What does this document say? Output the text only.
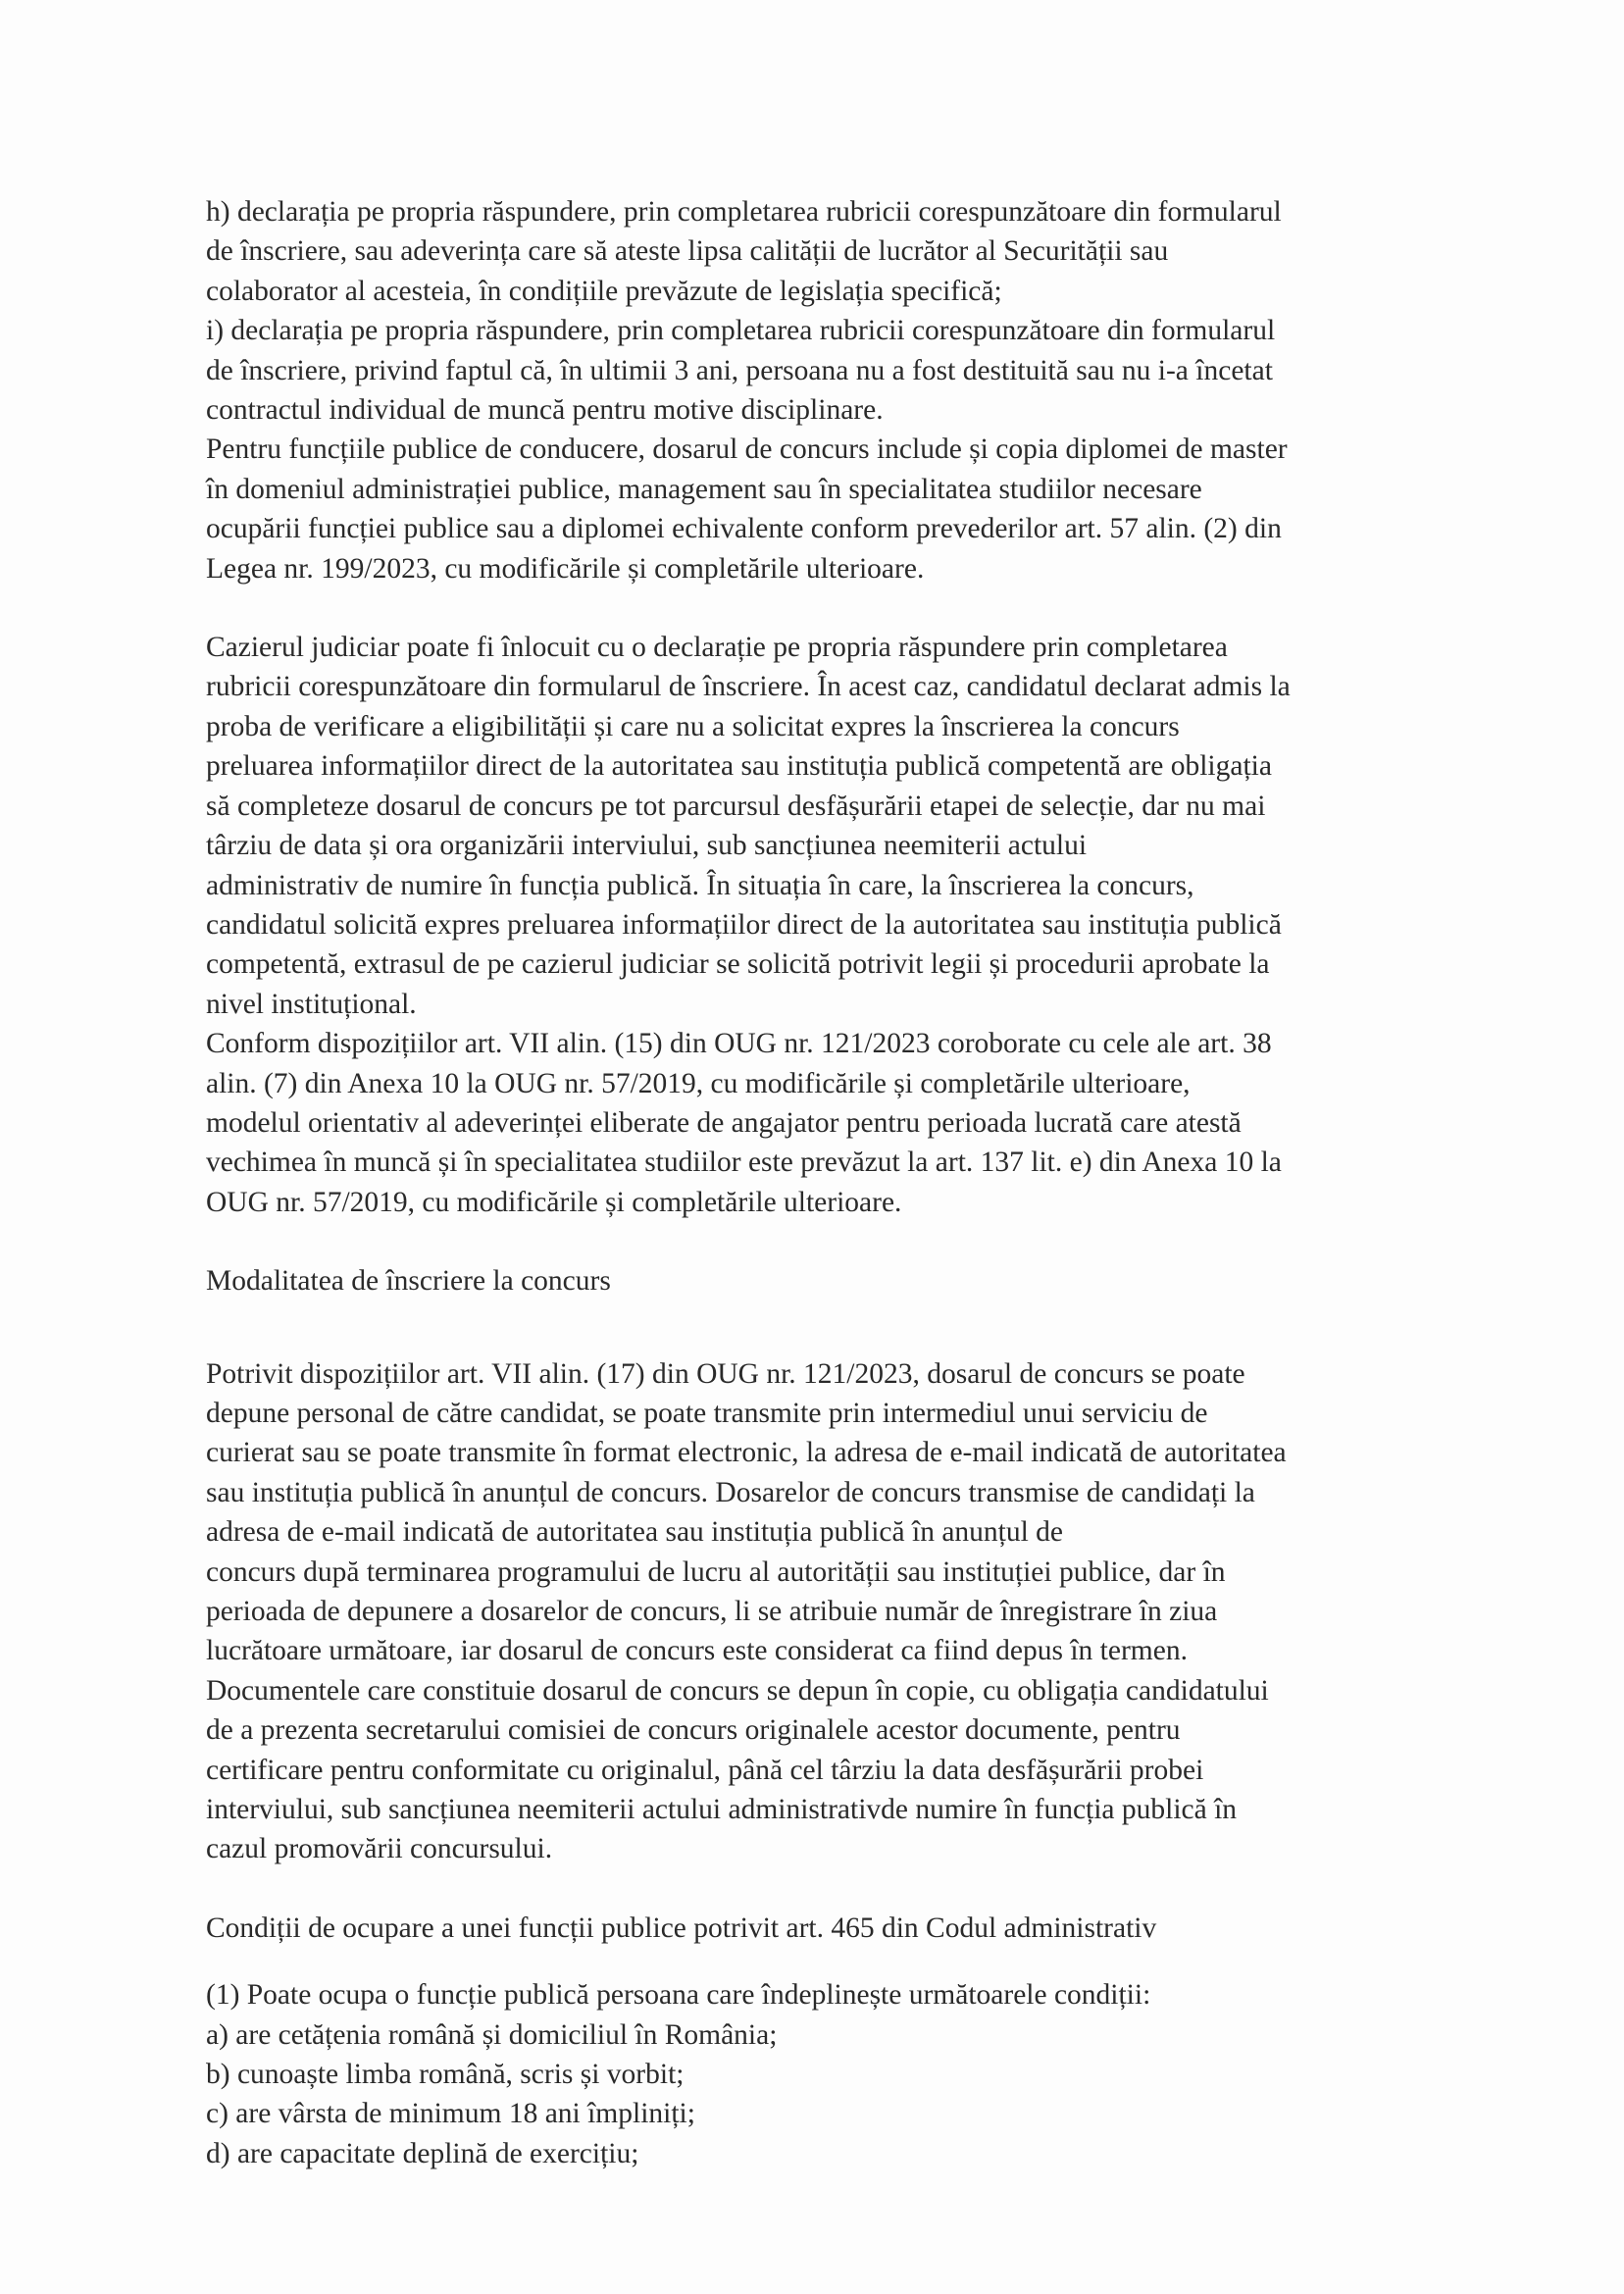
h) declarația pe propria răspundere, prin completarea rubricii corespunzătoare din formularul
de înscriere, sau adeverința care să ateste lipsa calității de lucrător al Securității sau
colaborator al acesteia, în condițiile prevăzute de legislația specifică;
i) declarația pe propria răspundere, prin completarea rubricii corespunzătoare din formularul
de înscriere, privind faptul că, în ultimii 3 ani, persoana nu a fost destituită sau nu i-a încetat
contractul individual de muncă pentru motive disciplinare.
Pentru funcțiile publice de conducere, dosarul de concurs include și copia diplomei de master
în domeniul administrației publice, management sau în specialitatea studiilor necesare
ocupării funcției publice sau a diplomei echivalente conform prevederilor art. 57 alin. (2) din
Legea nr. 199/2023, cu modificările și completările ulterioare.
Cazierul judiciar poate fi înlocuit cu o declarație pe propria răspundere prin completarea
rubricii corespunzătoare din formularul de înscriere. În acest caz, candidatul declarat admis la
proba de verificare a eligibilității și care nu a solicitat expres la înscrierea la concurs
preluarea informațiilor direct de la autoritatea sau instituția publică competentă are obligația
să completeze dosarul de concurs pe tot parcursul desfășurării etapei de selecție, dar nu mai
târziu de data și ora organizării interviului, sub sancțiunea neemiterii actului
administrativ de numire în funcția publică. În situația în care, la înscrierea la concurs,
candidatul solicită expres preluarea informațiilor direct de la autoritatea sau instituția publică
competentă, extrasul de pe cazierul judiciar se solicită potrivit legii și procedurii aprobate la
nivel instituțional.
Conform dispozițiilor art. VII alin. (15) din OUG nr. 121/2023 coroborate cu cele ale art. 38
alin. (7) din Anexa 10 la OUG nr. 57/2019, cu modificările și completările ulterioare,
modelul orientativ al adeverinței eliberate de angajator pentru perioada lucrată care atestă
vechimea în muncă și în specialitatea studiilor este prevăzut la art. 137 lit. e) din Anexa 10 la
OUG nr. 57/2019, cu modificările și completările ulterioare.
Modalitatea de înscriere la concurs
Potrivit dispozițiilor art. VII alin. (17) din OUG nr. 121/2023, dosarul de concurs se poate
depune personal de către candidat, se poate transmite prin intermediul unui serviciu de
curierat sau se poate transmite în format electronic, la adresa de e-mail indicată de autoritatea
sau instituția publică în anunțul de concurs. Dosarelor de concurs transmise de candidați la
adresa de e-mail indicată de autoritatea sau instituția publică în anunțul de
concurs după terminarea programului de lucru al autorității sau instituției publice, dar în
perioada de depunere a dosarelor de concurs, li se atribuie număr de înregistrare în ziua
lucrătoare următoare, iar dosarul de concurs este considerat ca fiind depus în termen.
Documentele care constituie dosarul de concurs se depun în copie, cu obligația candidatului
de a prezenta secretarului comisiei de concurs originalele acestor documente, pentru
certificare pentru conformitate cu originalul, până cel târziu la data desfășurării probei
interviului, sub sancțiunea neemiterii actului administrativde numire în funcția publică în
cazul promovării concursului.
Condiții de ocupare a unei funcții publice potrivit art. 465 din Codul administrativ
(1) Poate ocupa o funcție publică persoana care îndeplinește următoarele condiții:
a) are cetățenia română și domiciliul în România;
b) cunoaște limba română, scris și vorbit;
c) are vârsta de minimum 18 ani împliniți;
d) are capacitate deplină de exercițiu;
